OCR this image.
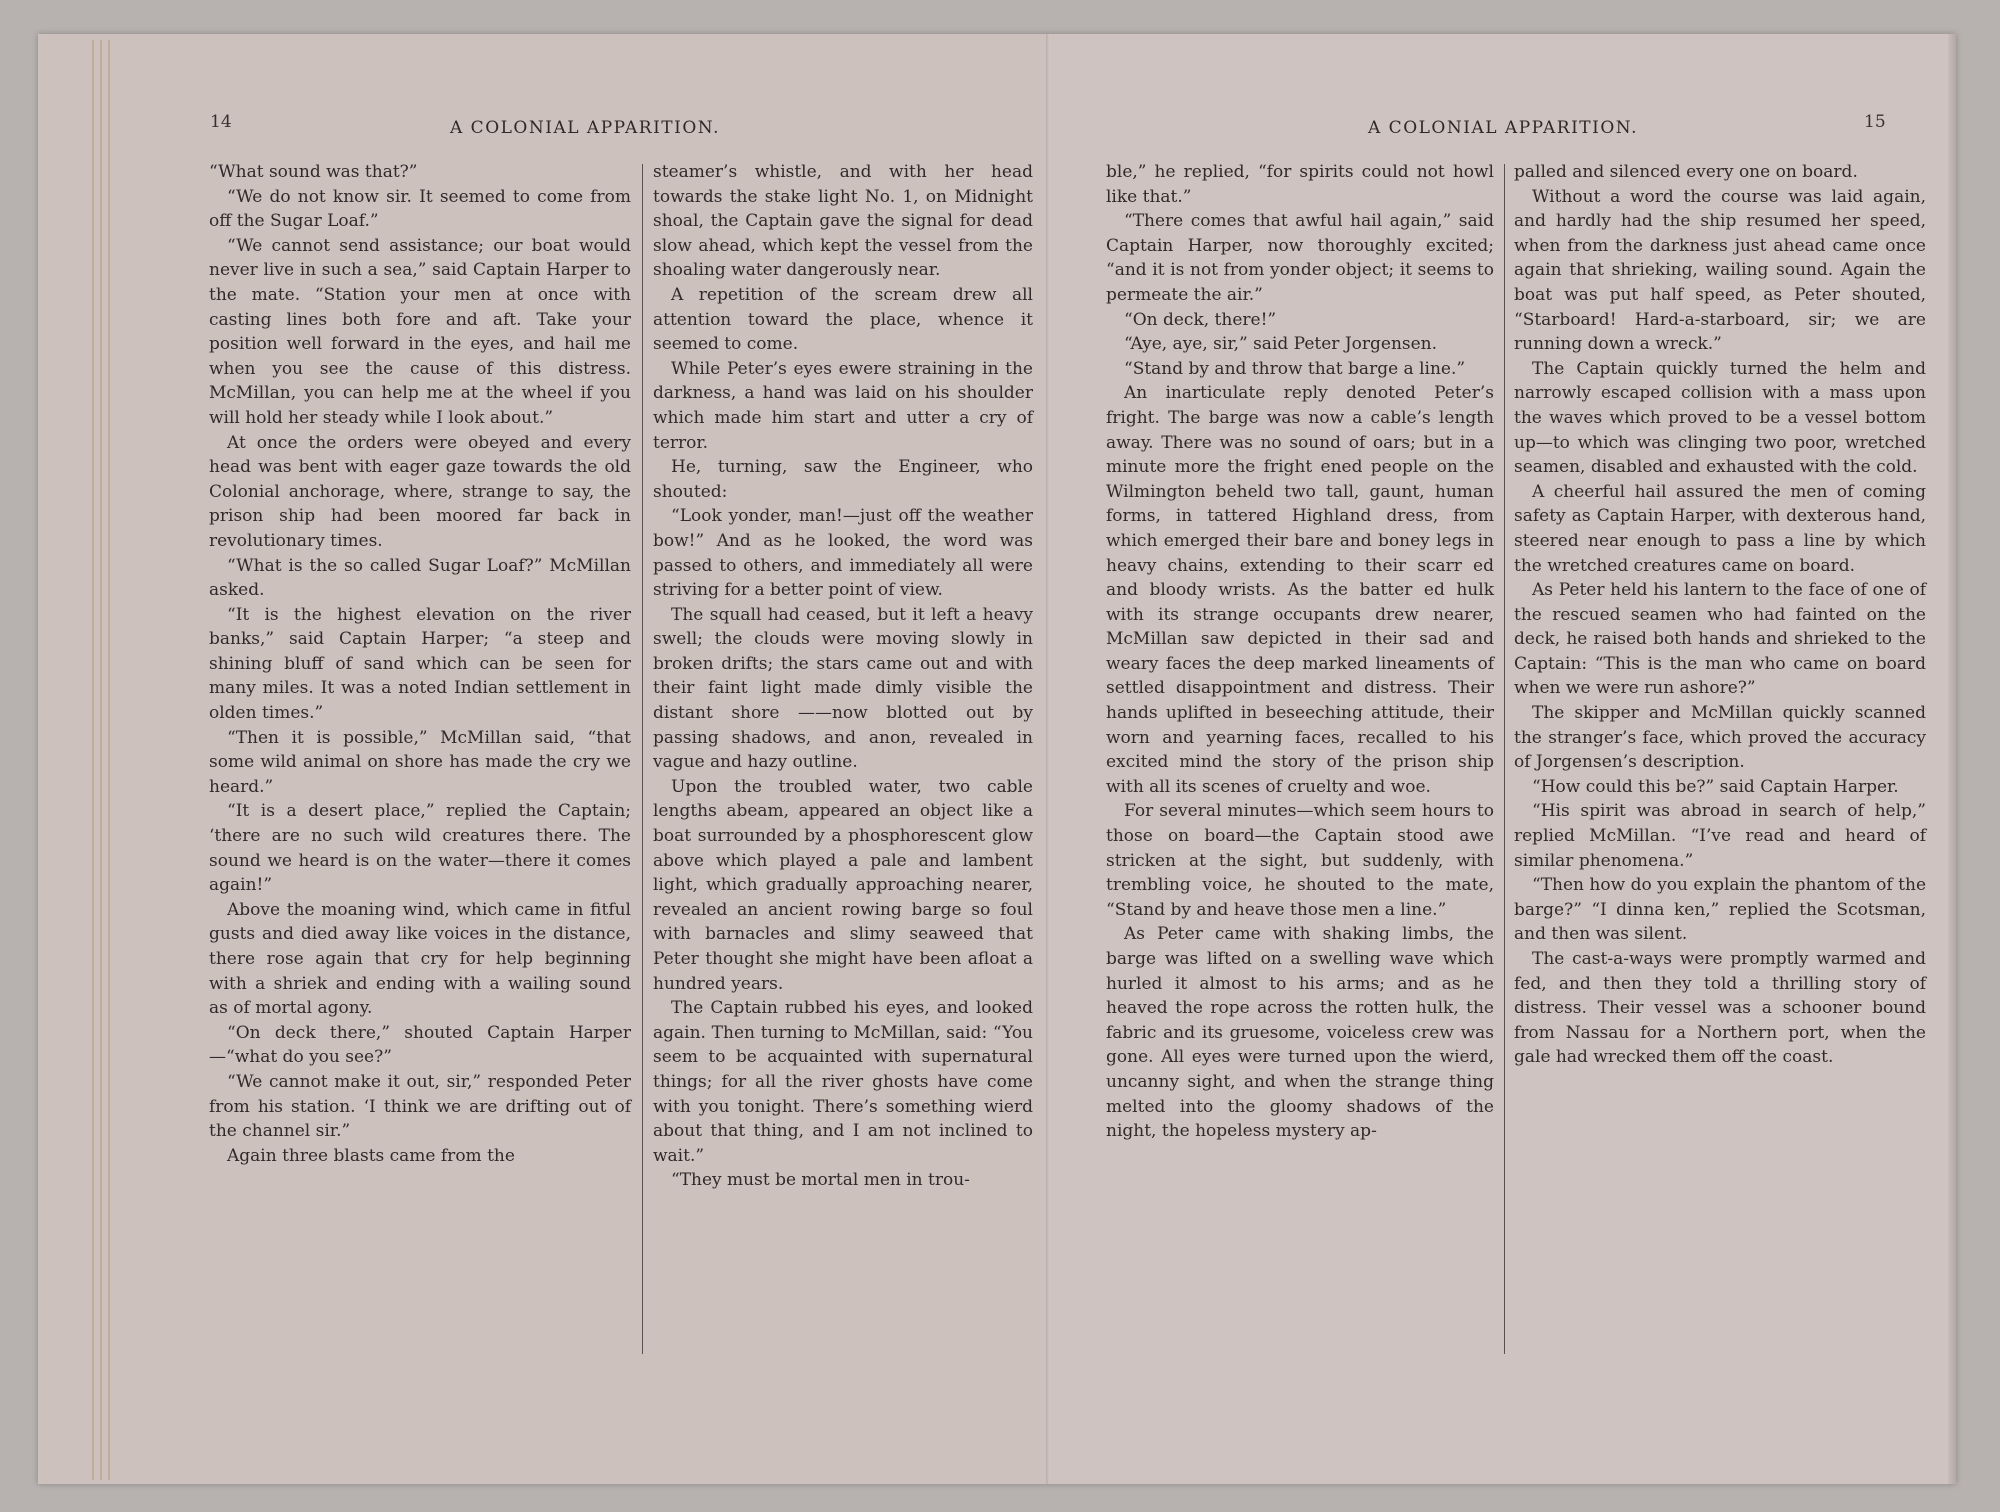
14	A COLONIAL APPARITION.

“What sound was that?”

“We do not know sir. It seemed to come from off the Sugar Loaf.”

“We cannot send assistance; our boat would never live in such a sea,” said Captain Harper to the mate. “Station your men at once with casting lines both fore and aft. Take your position well forward in the eyes, and hail me when you see the cause of this distress. McMillan, you can help me at the wheel if you will hold her steady while I look about.”

At once the orders were obeyed and every head was bent with eager gaze towards the old Colonial anchorage, where, strange to say, the prison ship had been moored far back in revolutionary times.

“What is the so called Sugar Loaf?” McMillan asked.

“It is the highest elevation on the river banks,” said Captain Harper; “a steep and shining bluff of sand which can be seen for many miles. It was a noted Indian settlement in olden times.”

“Then it is possible,” McMillan said, “that some wild animal on shore has made the cry we heard.”

“It is a desert place,” replied the Captain; ‘there are no such wild creatures there. The sound we heard is on the water—there it comes again!”

Above the moaning wind, which came in fitful gusts and died away like voices in the distance, there rose again that cry for help beginning with a shriek and ending with a wailing sound as of mortal agony.

“On deck there,” shouted Captain Harper—“what do you see?”

“We cannot make it out, sir,” responded Peter from his station. ‘I think we are drifting out of the channel sir.”

Again three blasts came from the

steamer’s whistle, and with her head towards the stake light No. 1, on Midnight shoal, the Captain gave the signal for dead slow ahead, which kept the vessel from the shoaling water dangerously near.

A repetition of the scream drew all attention toward the place, whence it seemed to come.

While Peter’s eyes ewere straining in the darkness, a hand was laid on his shoulder which made him start and utter a cry of terror.

He, turning, saw the Engineer, who shouted:

“Look yonder, man!—just off the weather bow!” And as he looked, the word was passed to others, and immediately all were striving for a better point of view.

The squall had ceased, but it left a heavy swell; the clouds were moving slowly in broken drifts; the stars came out and with their faint light made dimly visible the distant shore ——now blotted out by passing shadows, and anon, revealed in vague and hazy outline.

Upon the troubled water, two cable lengths abeam, appeared an object like a boat surrounded by a phosphorescent glow above which played a pale and lambent light, which gradually approaching nearer, revealed an ancient rowing barge so foul with barnacles and slimy seaweed that Peter thought she might have been afloat a hundred years.

The Captain rubbed his eyes, and looked again. Then turning to McMillan, said: “You seem to be acquainted with supernatural things; for all the river ghosts have come with you tonight. There’s something wierd about that thing, and I am not inclined to wait.”

“They must be mortal men in trou-

A COLONIAL APPARITION.	15

ble,” he replied, “for spirits could not howl like that.”

“There comes that awful hail again,” said Captain Harper, now thoroughly excited; “and it is not from yonder object; it seems to permeate the air.”

“On deck, there!”

“Aye, aye, sir,” said Peter Jorgensen.

“Stand by and throw that barge a line.”

An inarticulate reply denoted Peter’s fright. The barge was now a cable’s length away. There was no sound of oars; but in a minute more the fright ened people on the Wilmington beheld two tall, gaunt, human forms, in tattered Highland dress, from which emerged their bare and boney legs in heavy chains, extending to their scarr ed and bloody wrists. As the batter ed hulk with its strange occupants drew nearer, McMillan saw depicted in their sad and weary faces the deep marked lineaments of settled disappointment and distress. Their hands uplifted in beseeching attitude, their worn and yearning faces, recalled to his excited mind the story of the prison ship with all its scenes of cruelty and woe.

For several minutes—which seem hours to those on board—the Captain stood awe stricken at the sight, but suddenly, with trembling voice, he shouted to the mate, “Stand by and heave those men a line.”

As Peter came with shaking limbs, the barge was lifted on a swelling wave which hurled it almost to his arms; and as he heaved the rope across the rotten hulk, the fabric and its gruesome, voiceless crew was gone. All eyes were turned upon the wierd, uncanny sight, and when the strange thing melted into the gloomy shadows of the night, the hopeless mystery ap-

palled and silenced every one on board.

Without a word the course was laid again, and hardly had the ship resumed her speed, when from the darkness just ahead came once again that shrieking, wailing sound. Again the boat was put half speed, as Peter shouted, “Starboard! Hard-a-starboard, sir; we are running down a wreck.”

The Captain quickly turned the helm and narrowly escaped collision with a mass upon the waves which proved to be a vessel bottom up—to which was clinging two poor, wretched seamen, disabled and exhausted with the cold.

A cheerful hail assured the men of coming safety as Captain Harper, with dexterous hand, steered near enough to pass a line by which the wretched creatures came on board.

As Peter held his lantern to the face of one of the rescued seamen who had fainted on the deck, he raised both hands and shrieked to the Captain: “This is the man who came on board when we were run ashore?”

The skipper and McMillan quickly scanned the stranger’s face, which proved the accuracy of Jorgensen’s description.

“How could this be?” said Captain Harper.

“His spirit was abroad in search of help,” replied McMillan. “I’ve read and heard of similar phenomena.”

“Then how do you explain the phantom of the barge?” “I dinna ken,” replied the Scotsman, and then was silent.

The cast-a-ways were promptly warmed and fed, and then they told a thrilling story of distress. Their vessel was a schooner bound from Nassau for a Northern port, when the gale had wrecked them off the coast.
